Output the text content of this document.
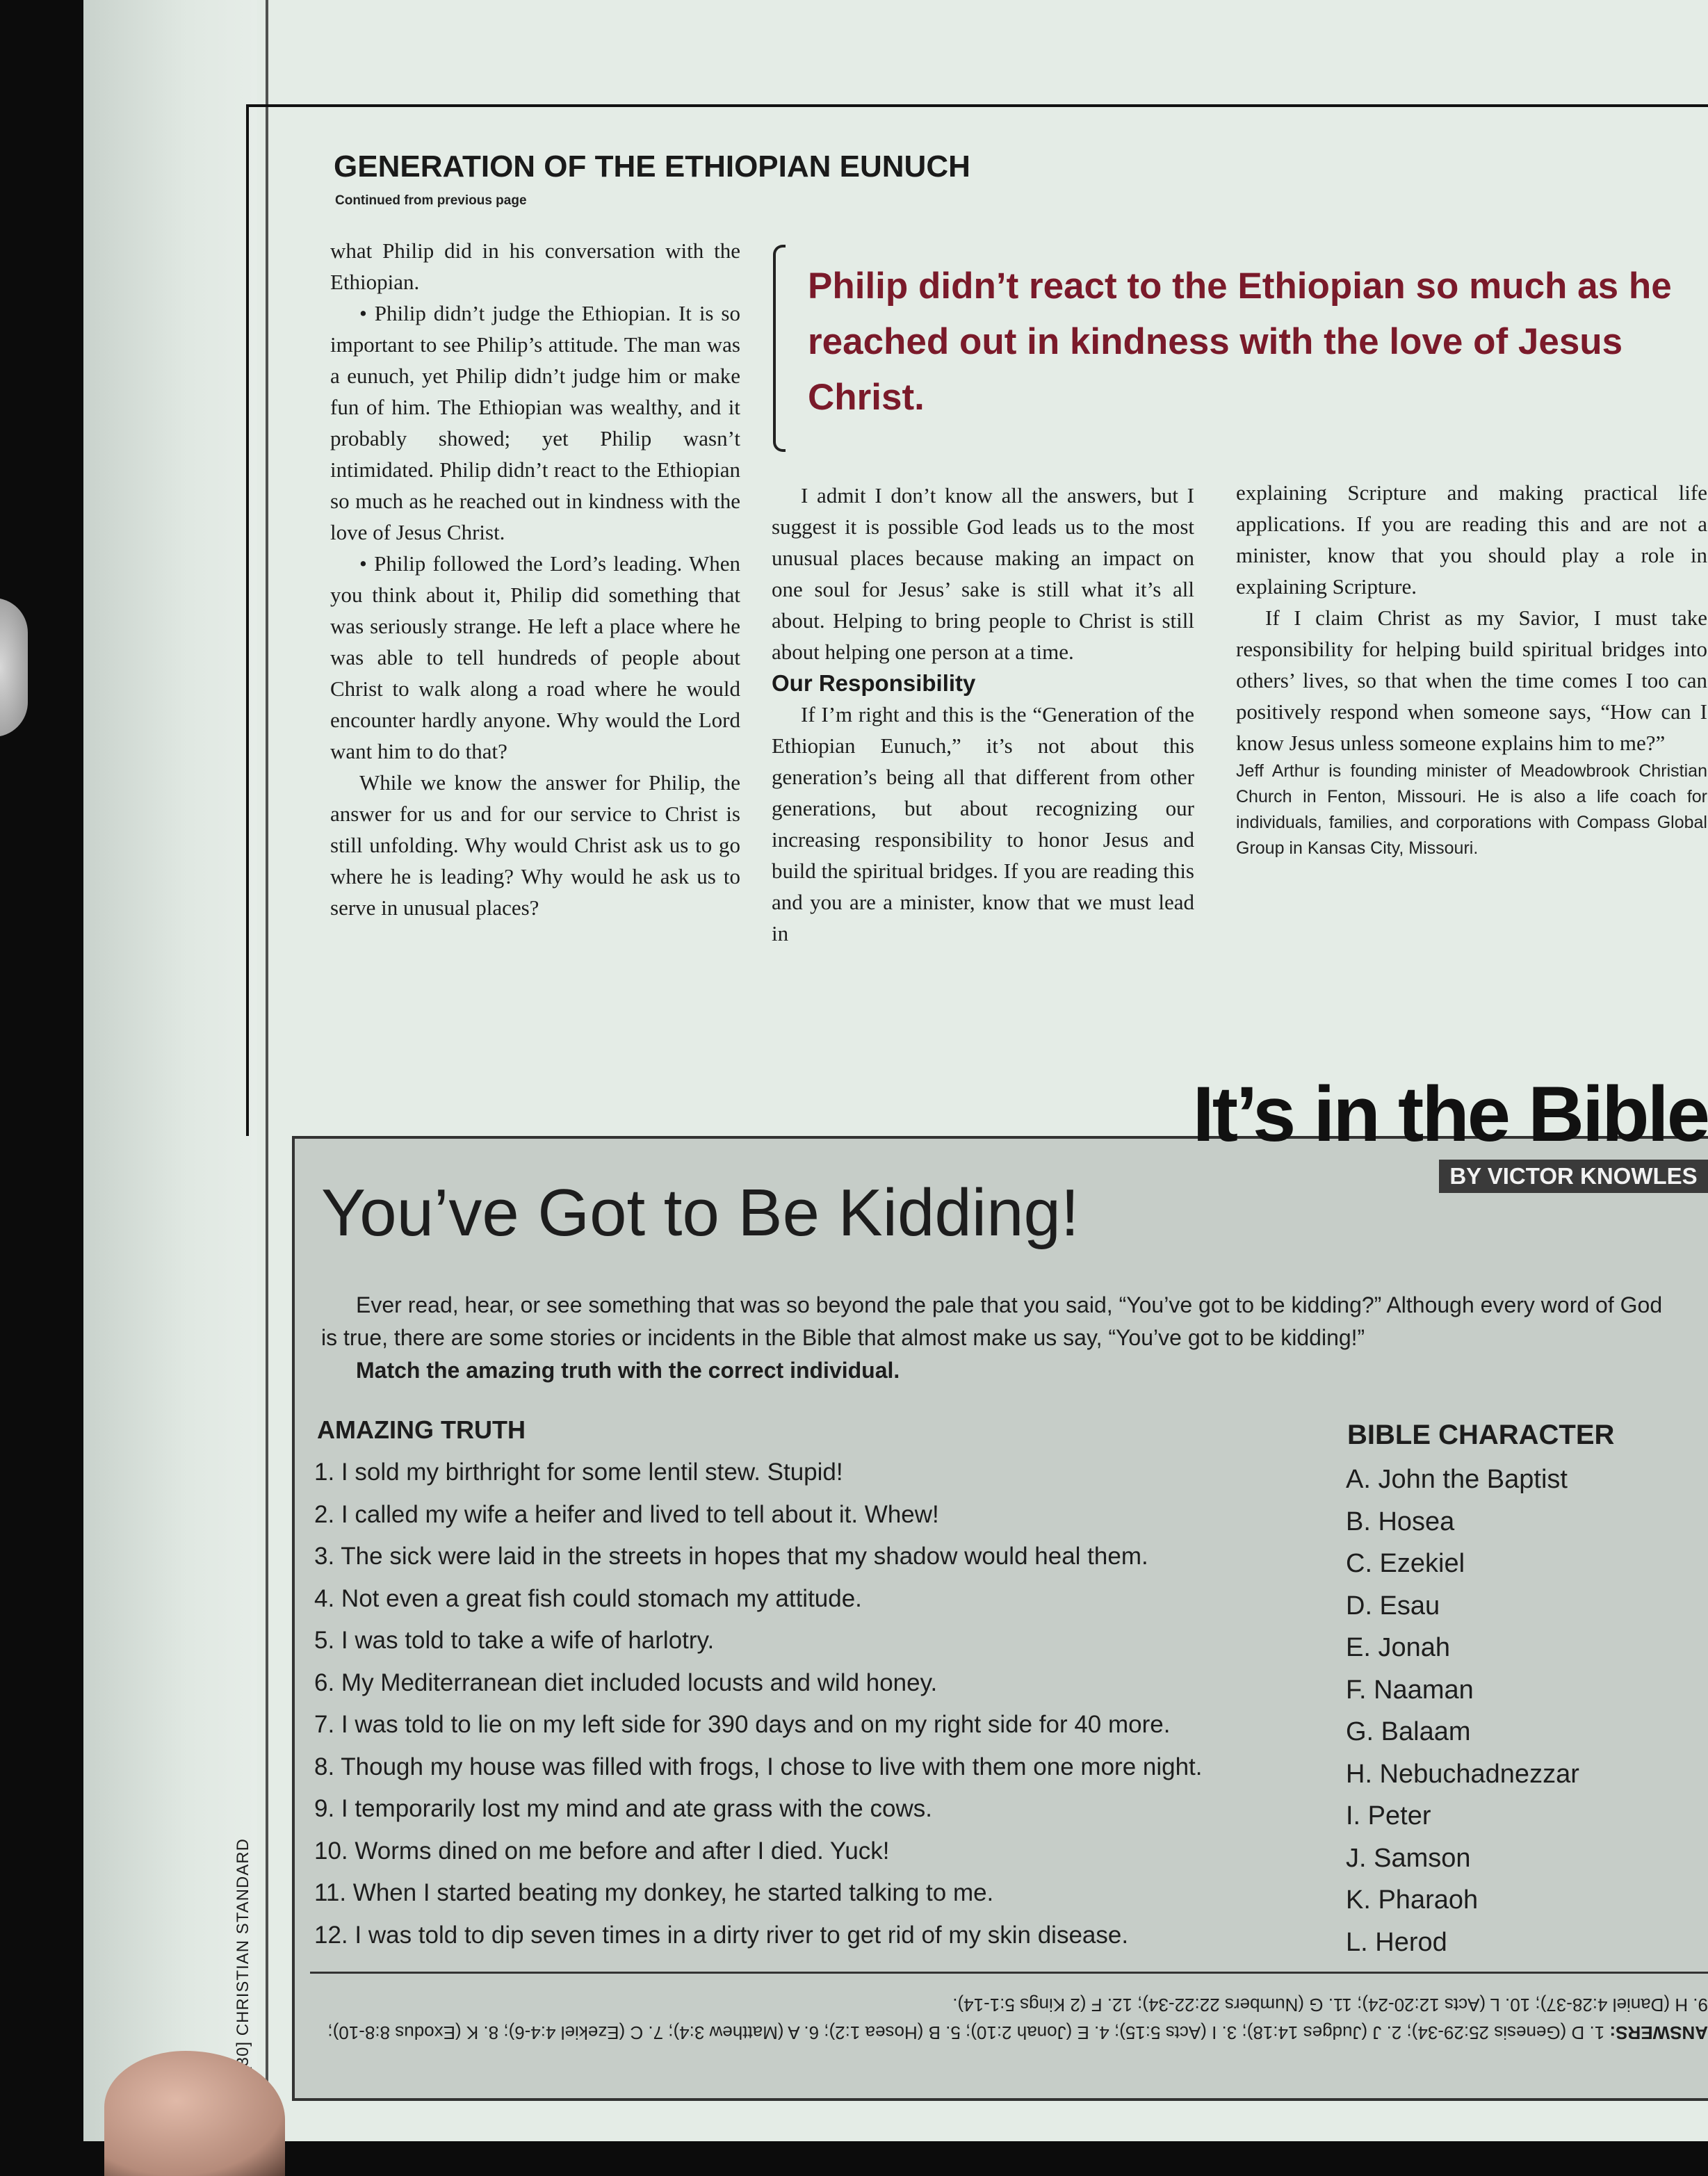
GENERATION OF THE ETHIOPIAN EUNUCH
Continued from previous page

what Philip did in his conversation with the Ethiopian.

• Philip didn’t judge the Ethiopian. It is so important to see Philip’s attitude. The man was a eunuch, yet Philip didn’t judge him or make fun of him. The Ethiopian was wealthy, and it probably showed; yet Philip wasn’t intimidated. Philip didn’t react to the Ethiopian so much as he reached out in kindness with the love of Jesus Christ.

• Philip followed the Lord’s leading. When you think about it, Philip did something that was seriously strange. He left a place where he was able to tell hundreds of people about Christ to walk along a road where he would encounter hardly anyone. Why would the Lord want him to do that?

While we know the answer for Philip, the answer for us and for our service to Christ is still unfolding. Why would Christ ask us to go where he is leading? Why would he ask us to serve in unusual places?

Philip didn’t react to the Ethiopian so much as he reached out in kindness with the love of Jesus Christ.

I admit I don’t know all the answers, but I suggest it is possible God leads us to the most unusual places because making an impact on one soul for Jesus’ sake is still what it’s all about. Helping to bring people to Christ is still about helping one person at a time.

Our Responsibility

If I’m right and this is the “Generation of the Ethiopian Eunuch,” it’s not about this generation’s being all that different from other generations, but about recognizing our increasing responsibility to honor Jesus and build the spiritual bridges. If you are reading this and you are a minister, know that we must lead in

explaining Scripture and making practical life applications. If you are reading this and are not a minister, know that you should play a role in explaining Scripture.

If I claim Christ as my Savior, I must take responsibility for helping build spiritual bridges into others’ lives, so that when the time comes I too can positively respond when someone says, “How can I know Jesus unless someone explains him to me?”

Jeff Arthur is founding minister of Meadowbrook Christian Church in Fenton, Missouri. He is also a life coach for individuals, families, and corporations with Compass Global Group in Kansas City, Missouri.

It’s in the Bible
BY VICTOR KNOWLES
You’ve Got to Be Kidding!

Ever read, hear, or see something that was so beyond the pale that you said, “You’ve got to be kidding?” Although every word of God is true, there are some stories or incidents in the Bible that almost make us say, “You’ve got to be kidding!”

Match the amazing truth with the correct individual.

AMAZING TRUTH
1. I sold my birthright for some lentil stew. Stupid!
2. I called my wife a heifer and lived to tell about it. Whew!
3. The sick were laid in the streets in hopes that my shadow would heal them.
4. Not even a great fish could stomach my attitude.
5. I was told to take a wife of harlotry.
6. My Mediterranean diet included locusts and wild honey.
7. I was told to lie on my left side for 390 days and on my right side for 40 more.
8. Though my house was filled with frogs, I chose to live with them one more night.
9. I temporarily lost my mind and ate grass with the cows.
10. Worms dined on me before and after I died. Yuck!
11. When I started beating my donkey, he started talking to me.
12. I was told to dip seven times in a dirty river to get rid of my skin disease.
BIBLE CHARACTER
A. John the Baptist
B. Hosea
C. Ezekiel
D. Esau
E. Jonah
F. Naaman
G. Balaam
H. Nebuchadnezzar
I. Peter
J. Samson
K. Pharaoh
L. Herod
ANSWERS: 1. D (Genesis 25:29-34); 2. J (Judges 14:18); 3. I (Acts 5:15); 4. E (Jonah 2:10); 5. B (Hosea 1:2); 6. A (Matthew 3:4); 7. C (Ezekiel 4:4-6); 8. K (Exodus 8:8-10); 9. H (Daniel 4:28-37); 10. L (Acts 12:20-24); 11. G (Numbers 22:22-34); 12. F (2 Kings 5:1-14).
[30] CHRISTIAN STANDARD
